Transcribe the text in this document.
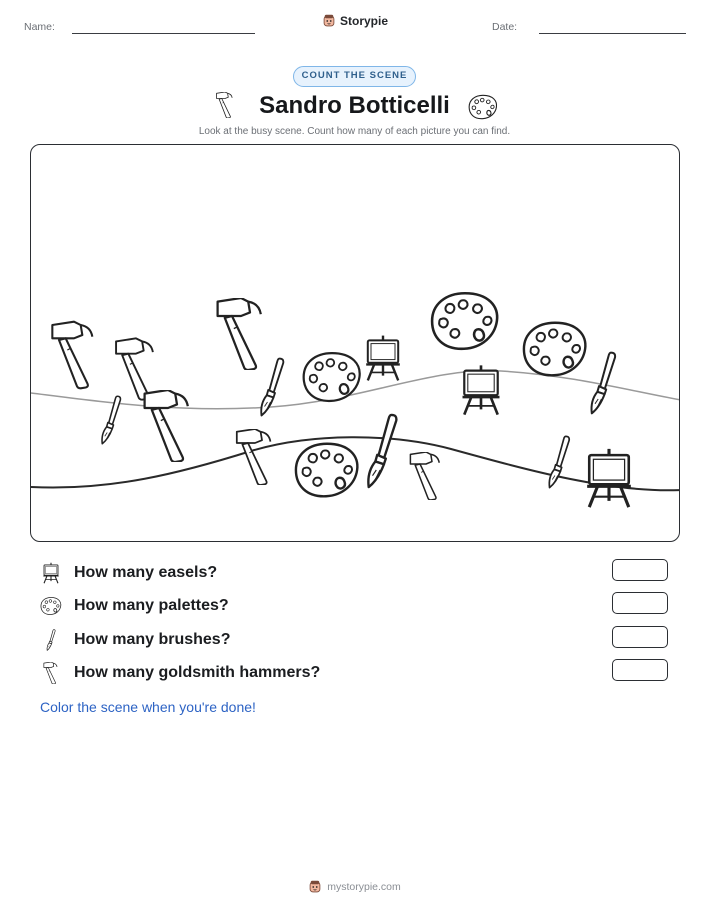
Name:	Storypie	Date:
COUNT THE SCENE
Sandro Botticelli
Look at the busy scene. Count how many of each picture you can find.
How many easels?
How many palettes?
How many brushes?
How many goldsmith hammers?
Color the scene when you're done!
mystorypie.com
